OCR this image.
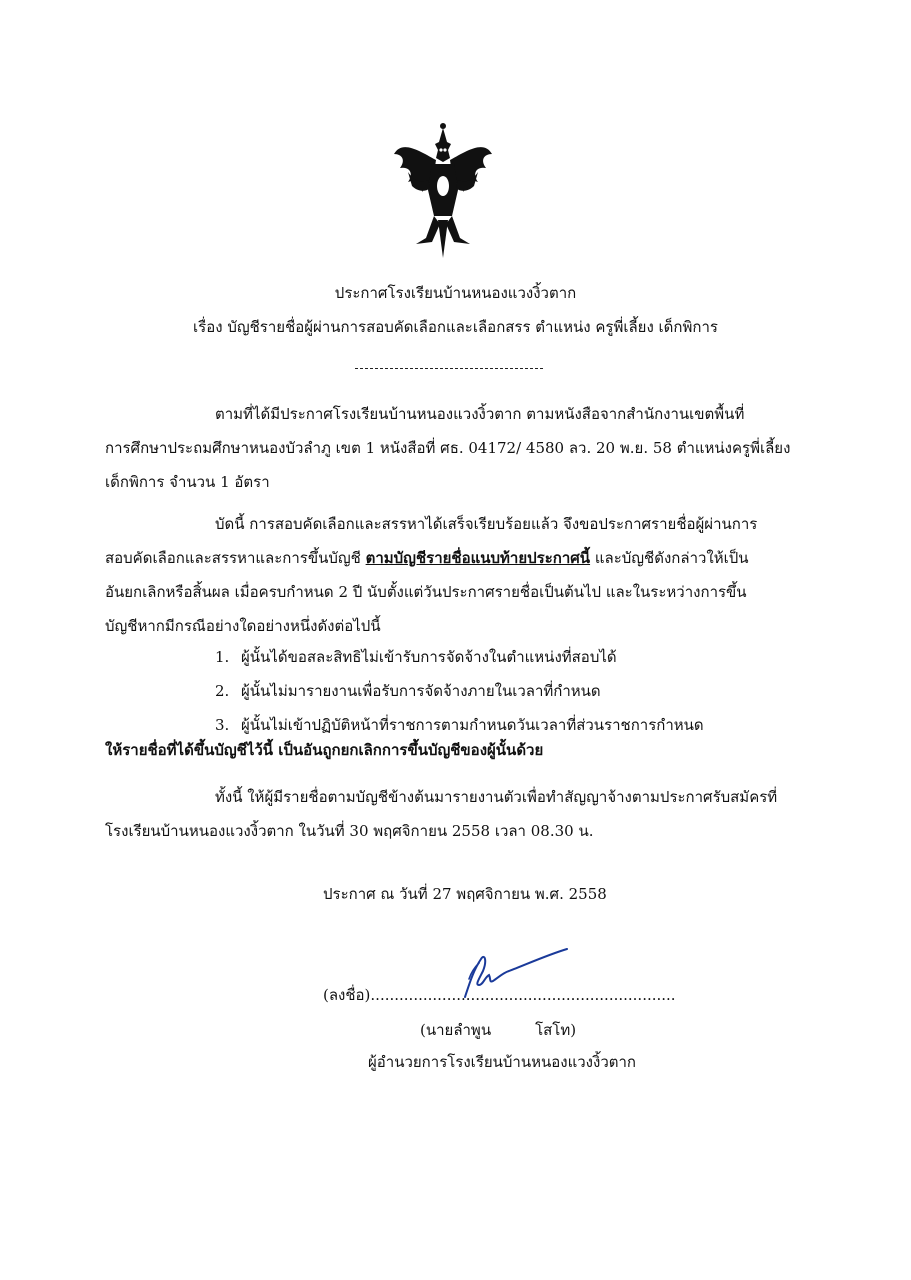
ประกาศโรงเรียนบ้านหนองแวงงิ้วตาก
เรื่อง บัญชีรายชื่อผู้ผ่านการสอบคัดเลือกและเลือกสรร ตำแหน่ง ครูพี่เลี้ยง เด็กพิการ
ตามที่ได้มีประกาศโรงเรียนบ้านหนองแวงงิ้วตาก ตามหนังสือจากสำนักงานเขตพื้นที่
การศึกษาประถมศึกษาหนองบัวลำภู เขต 1 หนังสือที่ ศธ. 04172/ 4580 ลว. 20 พ.ย. 58 ตำแหน่งครูพี่เลี้ยง
เด็กพิการ จำนวน 1 อัตรา
บัดนี้ การสอบคัดเลือกและสรรหาได้เสร็จเรียบร้อยแล้ว จึงขอประกาศรายชื่อผู้ผ่านการ
สอบคัดเลือกและสรรหาและการขึ้นบัญชี ตามบัญชีรายชื่อแนบท้ายประกาศนี้ และบัญชีดังกล่าวให้เป็น
อันยกเลิกหรือสิ้นผล เมื่อครบกำหนด 2 ปี นับตั้งแต่วันประกาศรายชื่อเป็นต้นไป และในระหว่างการขึ้น
บัญชีหากมีกรณีอย่างใดอย่างหนึ่งดังต่อไปนี้
1. ผู้นั้นได้ขอสละสิทธิไม่เข้ารับการจัดจ้างในตำแหน่งที่สอบได้
2. ผู้นั้นไม่มารายงานเพื่อรับการจัดจ้างภายในเวลาที่กำหนด
3. ผู้นั้นไม่เข้าปฏิบัติหน้าที่ราชการตามกำหนดวันเวลาที่ส่วนราชการกำหนด
ให้รายชื่อที่ได้ขึ้นบัญชีไว้นี้ เป็นอันถูกยกเลิกการขึ้นบัญชีของผู้นั้นด้วย
ทั้งนี้ ให้ผู้มีรายชื่อตามบัญชีข้างต้นมารายงานตัวเพื่อทำสัญญาจ้างตามประกาศรับสมัครที่
โรงเรียนบ้านหนองแวงงิ้วตาก ในวันที่ 30 พฤศจิกายน 2558 เวลา 08.30 น.
ประกาศ ณ วันที่ 27 พฤศจิกายน พ.ศ. 2558
(ลงชื่อ)................................................................
(นายลำพูน	โสโท)
ผู้อำนวยการโรงเรียนบ้านหนองแวงงิ้วตาก
